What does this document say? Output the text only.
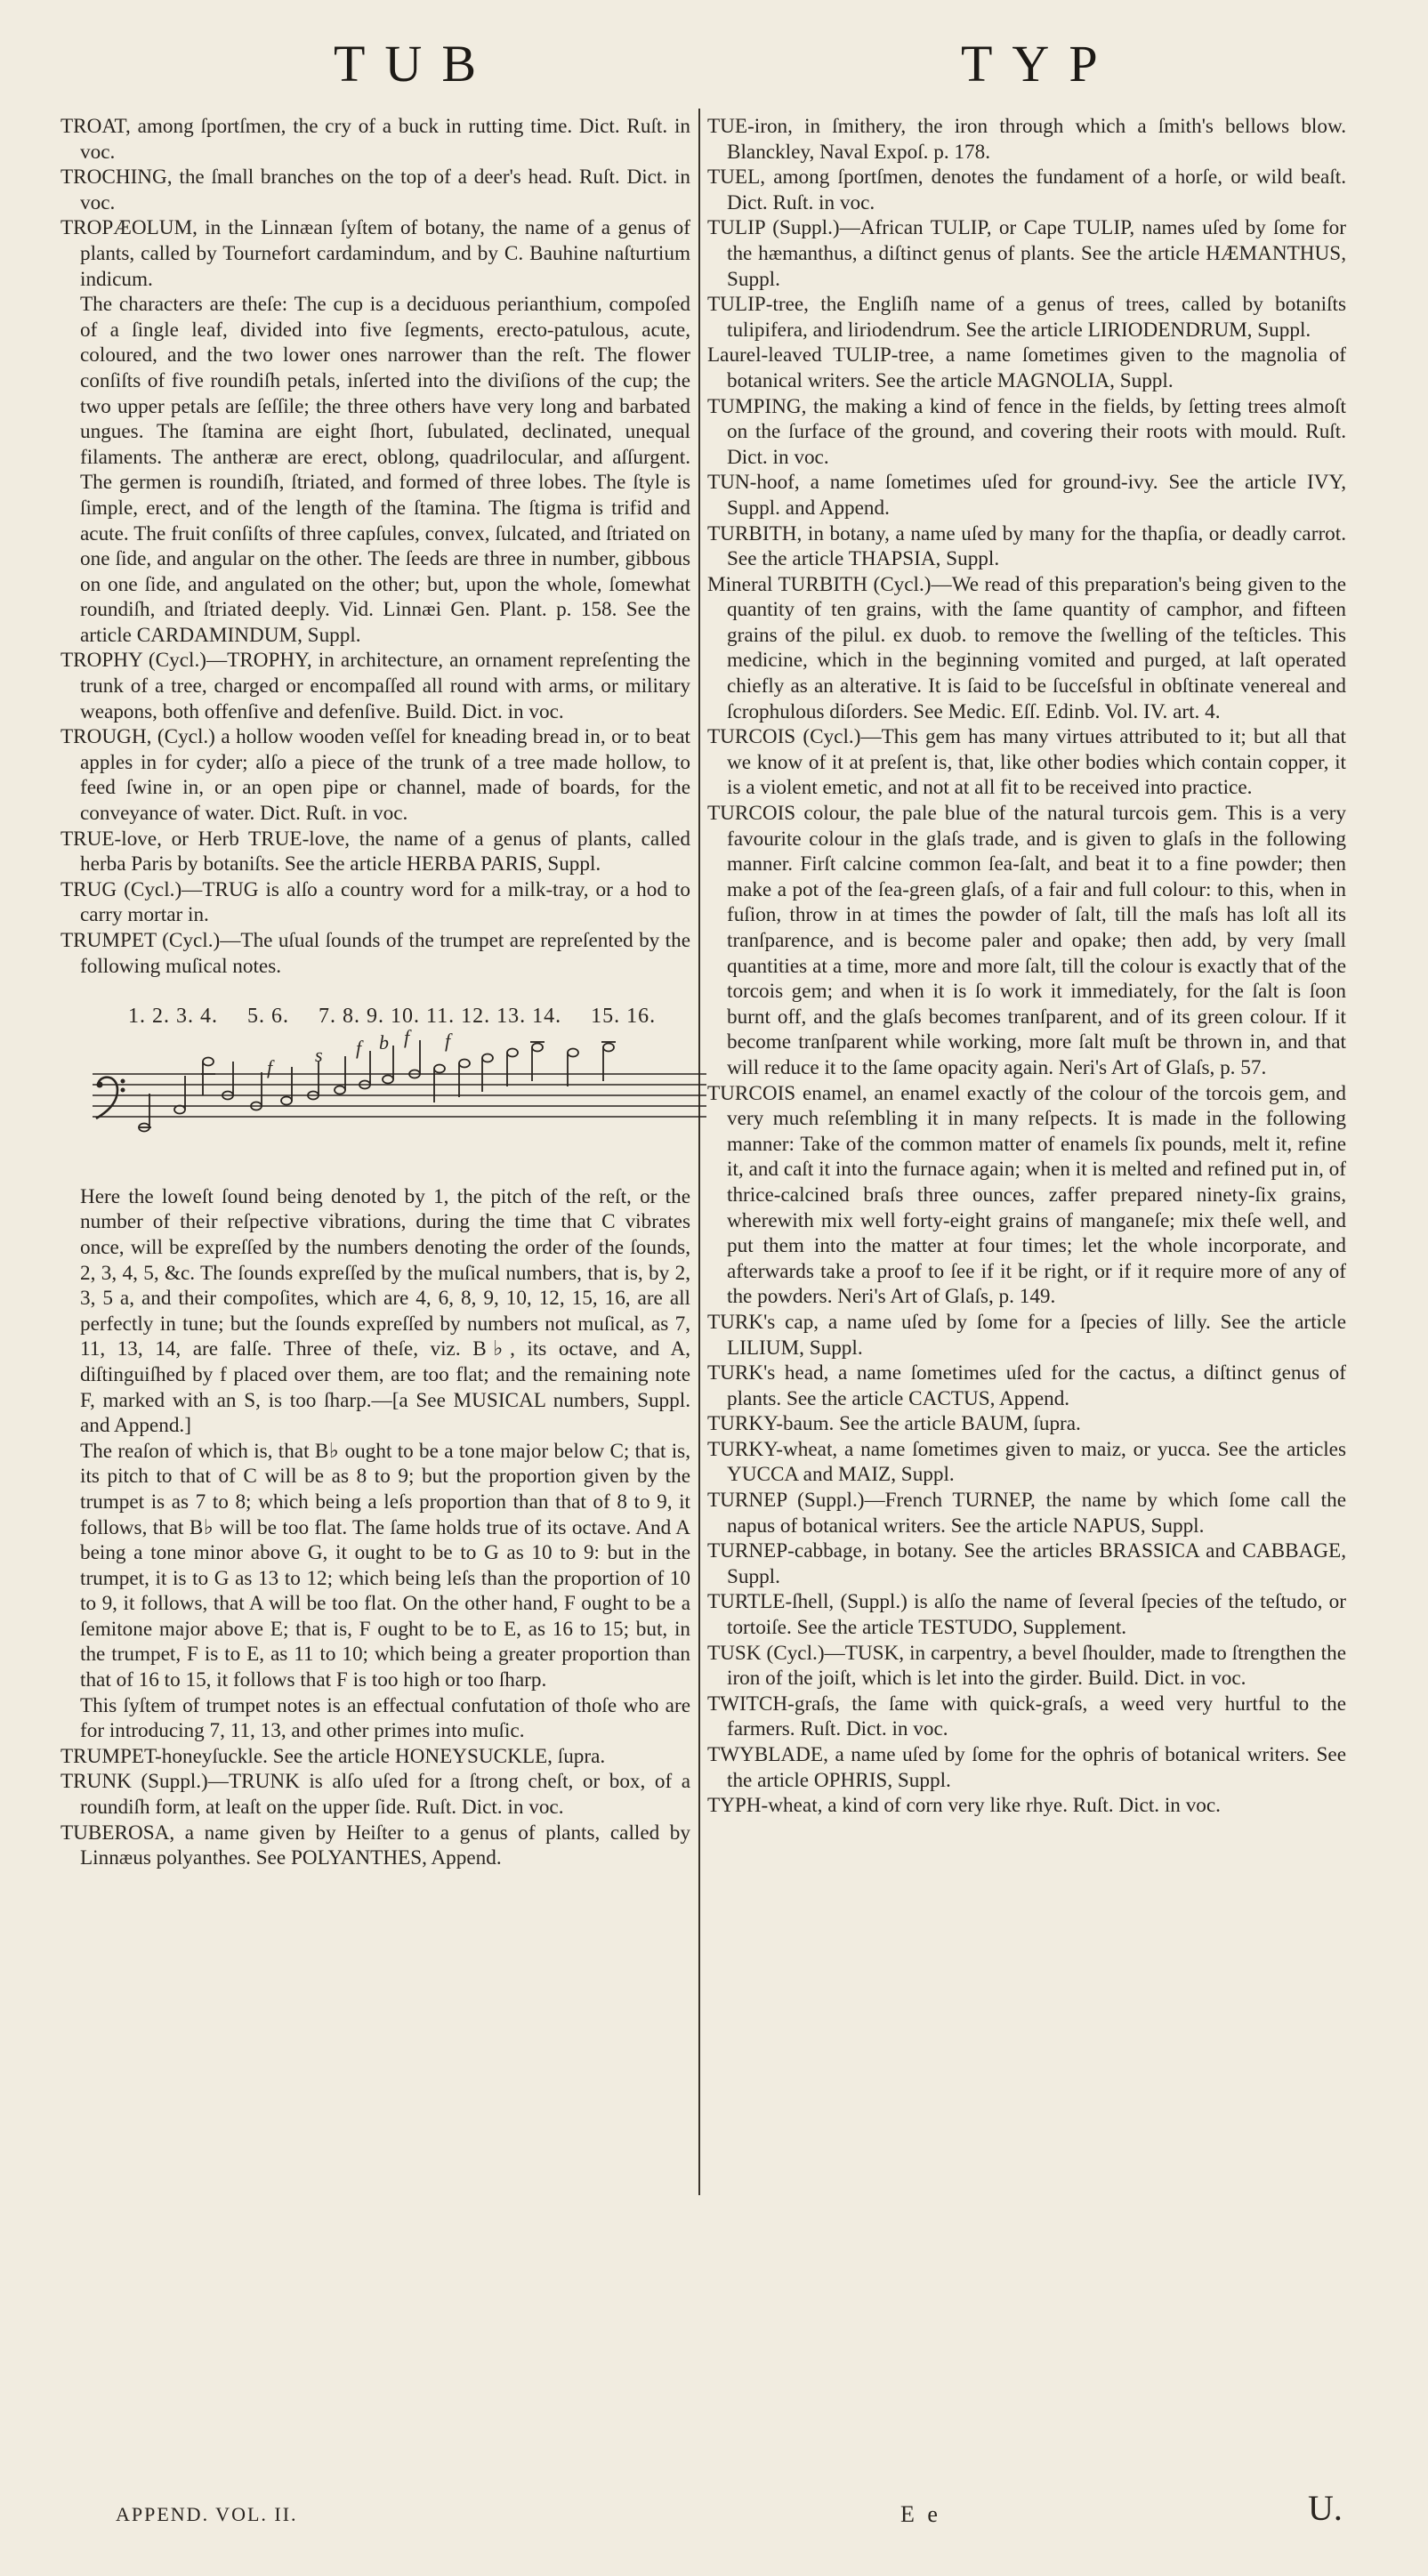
TUB	TYP

TROAT, among ſportſmen, the cry of a buck in rutting time. Dict. Ruſt. in voc.

TROCHING, the ſmall branches on the top of a deer's head. Ruſt. Dict. in voc.

TROPÆOLUM, in the Linnæan ſyſtem of botany, the name of a genus of plants, called by Tournefort cardamindum, and by C. Bauhine naſturtium indicum.

The characters are theſe: The cup is a deciduous perianthium, compoſed of a ſingle leaf, divided into five ſegments, erecto-patulous, acute, coloured, and the two lower ones narrower than the reſt. The flower conſiſts of five roundiſh petals, inſerted into the diviſions of the cup; the two upper petals are ſeſſile; the three others have very long and barbated ungues. The ſtamina are eight ſhort, ſubulated, declinated, unequal filaments. The antheræ are erect, oblong, quadrilocular, and aſſurgent. The germen is roundiſh, ſtriated, and formed of three lobes. The ſtyle is ſimple, erect, and of the length of the ſtamina. The ſtigma is trifid and acute. The fruit conſiſts of three capſules, convex, ſulcated, and ſtriated on one ſide, and angular on the other. The ſeeds are three in number, gibbous on one ſide, and angulated on the other; but, upon the whole, ſomewhat roundiſh, and ſtriated deeply. Vid. Linnæi Gen. Plant. p. 158. See the article CARDAMINDUM, Suppl.

TROPHY (Cycl.)—TROPHY, in architecture, an ornament repreſenting the trunk of a tree, charged or encompaſſed all round with arms, or military weapons, both offenſive and defenſive. Build. Dict. in voc.

TROUGH, (Cycl.) a hollow wooden veſſel for kneading bread in, or to beat apples in for cyder; alſo a piece of the trunk of a tree made hollow, to feed ſwine in, or an open pipe or channel, made of boards, for the conveyance of water. Dict. Ruſt. in voc.

TRUE-love, or Herb TRUE-love, the name of a genus of plants, called herba Paris by botaniſts. See the article HERBA PARIS, Suppl.

TRUG (Cycl.)—TRUG is alſo a country word for a milk-tray, or a hod to carry mortar in.

TRUMPET (Cycl.)—The uſual ſounds of the trumpet are repreſented by the following muſical notes.

1. 2. 3. 4. 5. 6. 7. 8. 9. 10. 11. 12. 13. 14. 15. 16.
f
s f b f f

Here the loweſt ſound being denoted by 1, the pitch of the reſt, or the number of their reſpective vibrations, during the time that C vibrates once, will be expreſſed by the numbers denoting the order of the ſounds, 2, 3, 4, 5, &c. The ſounds expreſſed by the muſical numbers, that is, by 2, 3, 5 a, and their compoſites, which are 4, 6, 8, 9, 10, 12, 15, 16, are all perfectly in tune; but the ſounds expreſſed by numbers not muſical, as 7, 11, 13, 14, are falſe. Three of theſe, viz. B♭, its octave, and A, diſtinguiſhed by f placed over them, are too flat; and the remaining note F, marked with an S, is too ſharp.—[a See MUSICAL numbers, Suppl. and Append.]

The reaſon of which is, that B♭ ought to be a tone major below C; that is, its pitch to that of C will be as 8 to 9; but the proportion given by the trumpet is as 7 to 8; which being a leſs proportion than that of 8 to 9, it follows, that B♭ will be too flat. The ſame holds true of its octave. And A being a tone minor above G, it ought to be to G as 10 to 9: but in the trumpet, it is to G as 13 to 12; which being leſs than the proportion of 10 to 9, it follows, that A will be too flat. On the other hand, F ought to be a ſemitone major above E; that is, F ought to be to E, as 16 to 15; but, in the trumpet, F is to E, as 11 to 10; which being a greater proportion than that of 16 to 15, it follows that F is too high or too ſharp.

This ſyſtem of trumpet notes is an effectual confutation of thoſe who are for introducing 7, 11, 13, and other primes into muſic.

TRUMPET-honeyſuckle. See the article HONEYSUCKLE, ſupra.

TRUNK (Suppl.)—TRUNK is alſo uſed for a ſtrong cheſt, or box, of a roundiſh form, at leaſt on the upper ſide. Ruſt. Dict. in voc.

TUBEROSA, a name given by Heiſter to a genus of plants, called by Linnæus polyanthes. See POLYANTHES, Append.

TUE-iron, in ſmithery, the iron through which a ſmith's bellows blow. Blanckley, Naval Expoſ. p. 178.

TUEL, among ſportſmen, denotes the fundament of a horſe, or wild beaſt. Dict. Ruſt. in voc.

TULIP (Suppl.)—African TULIP, or Cape TULIP, names uſed by ſome for the hæmanthus, a diſtinct genus of plants. See the article HÆMANTHUS, Suppl.

TULIP-tree, the Engliſh name of a genus of trees, called by botaniſts tulipifera, and liriodendrum. See the article LIRIODENDRUM, Suppl.

Laurel-leaved TULIP-tree, a name ſometimes given to the magnolia of botanical writers. See the article MAGNOLIA, Suppl.

TUMPING, the making a kind of fence in the fields, by ſetting trees almoſt on the ſurface of the ground, and covering their roots with mould. Ruſt. Dict. in voc.

TUN-hoof, a name ſometimes uſed for ground-ivy. See the article IVY, Suppl. and Append.

TURBITH, in botany, a name uſed by many for the thapſia, or deadly carrot. See the article THAPSIA, Suppl.

Mineral TURBITH (Cycl.)—We read of this preparation's being given to the quantity of ten grains, with the ſame quantity of camphor, and fifteen grains of the pilul. ex duob. to remove the ſwelling of the teſticles. This medicine, which in the beginning vomited and purged, at laſt operated chiefly as an alterative. It is ſaid to be ſucceſsful in obſtinate venereal and ſcrophulous diſorders. See Medic. Eſſ. Edinb. Vol. IV. art. 4.

TURCOIS (Cycl.)—This gem has many virtues attributed to it; but all that we know of it at preſent is, that, like other bodies which contain copper, it is a violent emetic, and not at all fit to be received into practice.

TURCOIS colour, the pale blue of the natural turcois gem. This is a very favourite colour in the glaſs trade, and is given to glaſs in the following manner. Firſt calcine common ſea-ſalt, and beat it to a fine powder; then make a pot of the ſea-green glaſs, of a fair and full colour: to this, when in fuſion, throw in at times the powder of ſalt, till the maſs has loſt all its tranſparence, and is become paler and opake; then add, by very ſmall quantities at a time, more and more ſalt, till the colour is exactly that of the torcois gem; and when it is ſo work it immediately, for the ſalt is ſoon burnt off, and the glaſs becomes tranſparent, and of its green colour. If it become tranſparent while working, more ſalt muſt be thrown in, and that will reduce it to the ſame opacity again. Neri's Art of Glaſs, p. 57.

TURCOIS enamel, an enamel exactly of the colour of the torcois gem, and very much reſembling it in many reſpects. It is made in the following manner: Take of the common matter of enamels ſix pounds, melt it, refine it, and caſt it into the furnace again; when it is melted and refined put in, of thrice-calcined braſs three ounces, zaffer prepared ninety-ſix grains, wherewith mix well forty-eight grains of manganeſe; mix theſe well, and put them into the matter at four times; let the whole incorporate, and afterwards take a proof to ſee if it be right, or if it require more of any of the powders. Neri's Art of Glaſs, p. 149.

TURK's cap, a name uſed by ſome for a ſpecies of lilly. See the article LILIUM, Suppl.

TURK's head, a name ſometimes uſed for the cactus, a diſtinct genus of plants. See the article CACTUS, Append.

TURKY-baum. See the article BAUM, ſupra.

TURKY-wheat, a name ſometimes given to maiz, or yucca. See the articles YUCCA and MAIZ, Suppl.

TURNEP (Suppl.)—French TURNEP, the name by which ſome call the napus of botanical writers. See the article NAPUS, Suppl.

TURNEP-cabbage, in botany. See the articles BRASSICA and CABBAGE, Suppl.

TURTLE-ſhell, (Suppl.) is alſo the name of ſeveral ſpecies of the teſtudo, or tortoiſe. See the article TESTUDO, Supplement.

TUSK (Cycl.)—TUSK, in carpentry, a bevel ſhoulder, made to ſtrengthen the iron of the joiſt, which is let into the girder. Build. Dict. in voc.

TWITCH-graſs, the ſame with quick-graſs, a weed very hurtful to the farmers. Ruſt. Dict. in voc.

TWYBLADE, a name uſed by ſome for the ophris of botanical writers. See the article OPHRIS, Suppl.

TYPH-wheat, a kind of corn very like rhye. Ruſt. Dict. in voc.

APPEND. VOL. II.	E e	U.
